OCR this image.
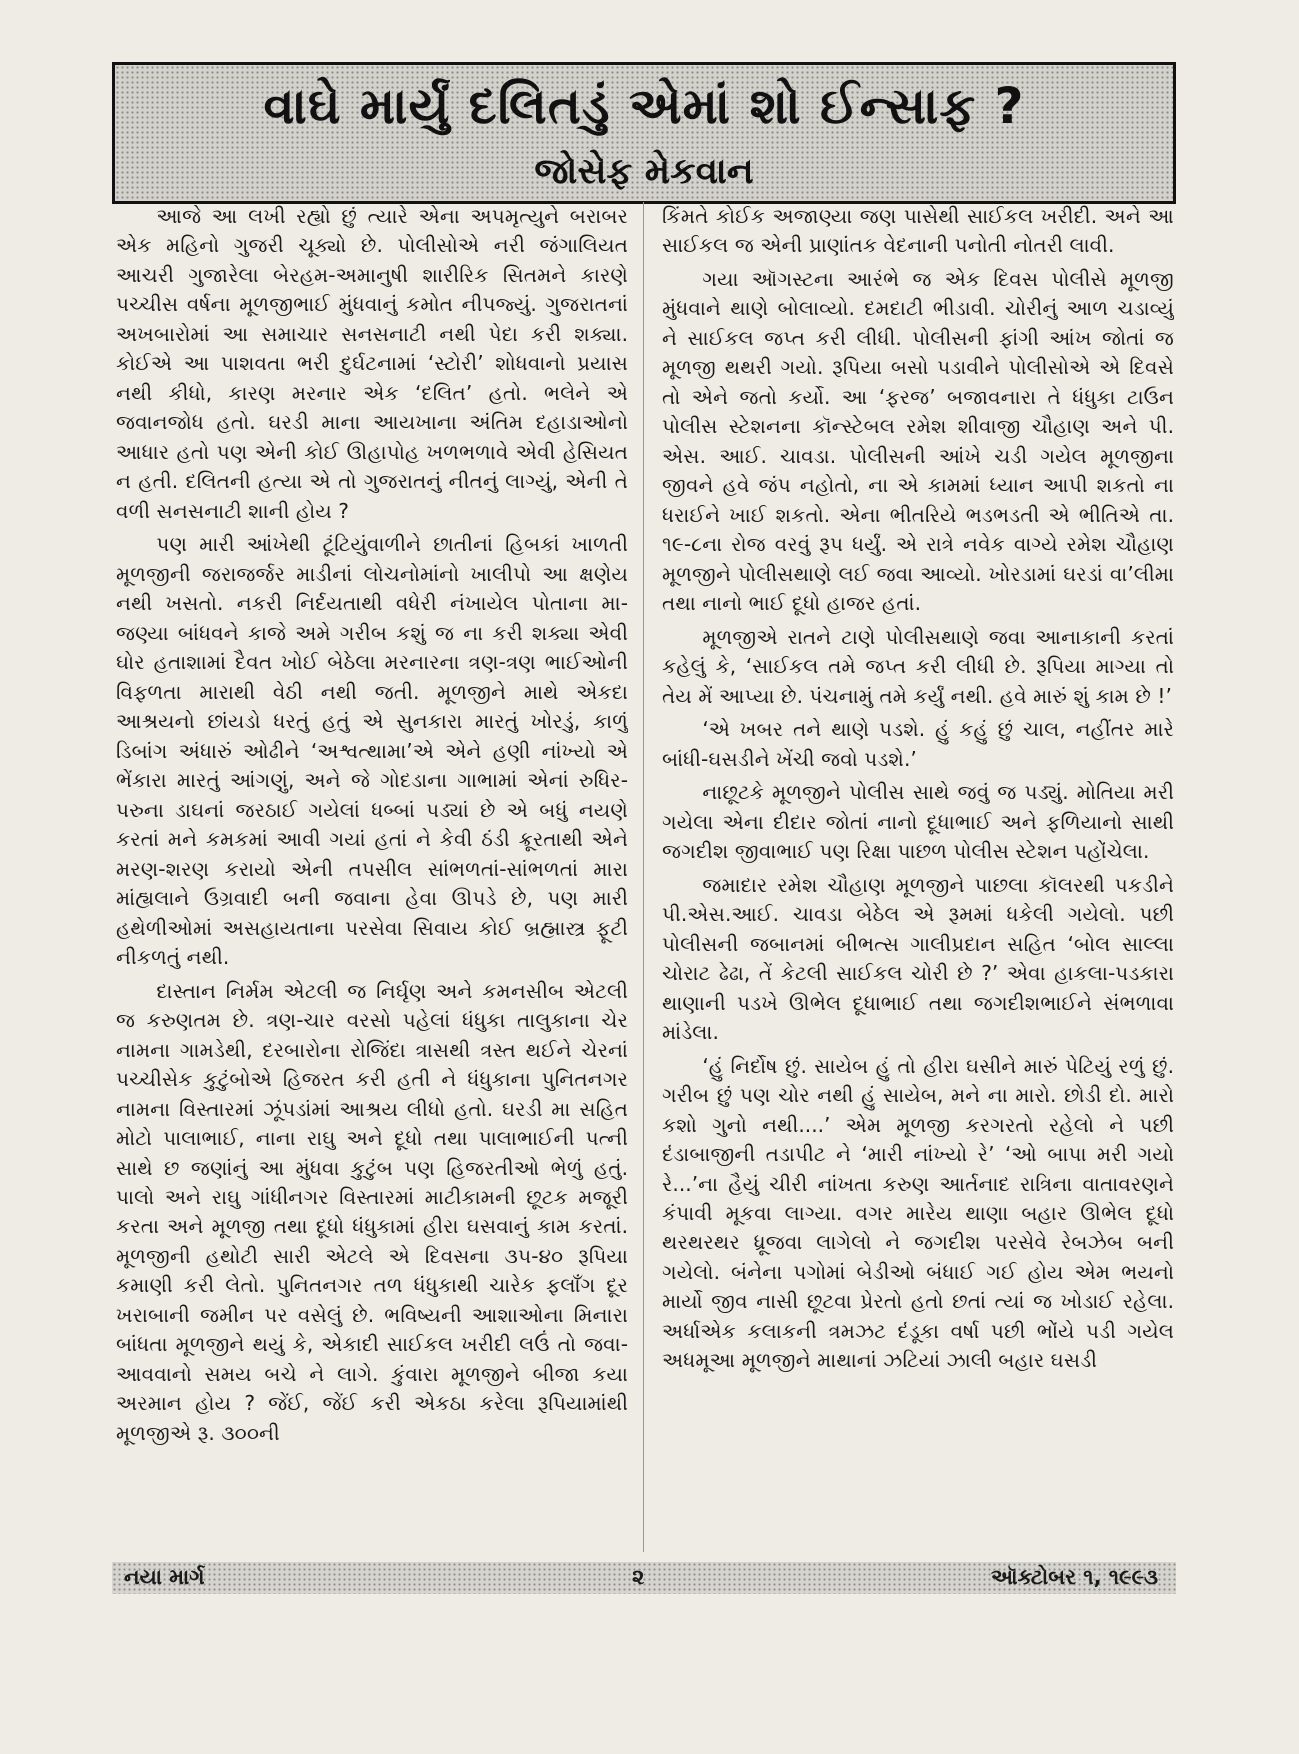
વાઘે માર્યું દલિતડું એમાં શો ઈન્સાફ ?
જોસેફ મેકવાન

આજે આ લખી રહ્યો છું ત્યારે એના અપમૃત્યુને બરાબર એક મહિનો ગુજરી ચૂક્યો છે. પોલીસોએ નરી જંગાલિયત આચરી ગુજારેલા બેરહમ-અમાનુષી શારીરિક સિતમને કારણે પચ્ચીસ વર્ષના મૂળજીભાઈ મુંધવાનું કમોત નીપજ્યું. ગુજરાતનાં અખબારોમાં આ સમાચાર સનસનાટી નથી પેદા કરી શક્યા. કોઈએ આ પાશવતા ભરી દુર્ઘટનામાં ‘સ્ટોરી’ શોધવાનો પ્રયાસ નથી કીધો, કારણ મરનાર એક ‘દલિત’ હતો. ભલેને એ જવાનજોધ હતો. ઘરડી માના આયખાના અંતિમ દહાડાઓનો આધાર હતો પણ એની કોઈ ઊહાપોહ ખળભળાવે એવી હેસિયત ન હતી. દલિતની હત્યા એ તો ગુજરાતનું નીતનું લાગ્યું, એની તે વળી સનસનાટી શાની હોય ?

પણ મારી આંખેથી ટૂંટિયુંવાળીને છાતીનાં હિબકાં ખાળતી મૂળજીની જરાજર્જર માડીનાં લોચનોમાંનો ખાલીપો આ ક્ષણેય નથી ખસતો. નકરી નિર્દયતાથી વધેરી નંખાયેલ પોતાના મા-જણ્યા બાંધવને કાજે અમે ગરીબ કશું જ ના કરી શક્યા એવી ઘોર હતાશામાં દૈવત ખોઈ બેઠેલા મરનારના ત્રણ-ત્રણ ભાઈઓની વિફળતા મારાથી વેઠી નથી જતી. મૂળજીને માથે એકદા આશ્રયનો છાંયડો ધરતું હતું એ સુનકારા મારતું ખોરડું, કાળું ડિબાંગ અંધારું ઓઢીને ‘અશ્વત્થામા’એ એને હણી નાંખ્યો એ ભેંકારા મારતું આંગણું, અને જે ગોદડાના ગાભામાં એનાં રુધિર-પરુના ડાઘનાં જરઠાઈ ગયેલાં ધબ્બાં પડ્યાં છે એ બધું નયણે કરતાં મને કમકમાં આવી ગયાં હતાં ને કેવી ઠંડી ક્રૂરતાથી એને મરણ-શરણ કરાયો એની તપસીલ સાંભળતાં-સાંભળતાં મારા માંહ્યલાને ઉગ્રવાદી બની જવાના હેવા ઊપડે છે, પણ મારી હથેળીઓમાં અસહાયતાના પરસેવા સિવાય કોઈ બ્રહ્માસ્ત્ર ફૂટી નીકળતું નથી.

દાસ્તાન નિર્મમ એટલી જ નિર્ઘૃણ અને કમનસીબ એટલી જ કરુણતમ છે. ત્રણ-ચાર વરસો પહેલાં ધંધુકા તાલુકાના ચેર નામના ગામડેથી, દરબારોના રોજિંદા ત્રાસથી ત્રસ્ત થઈને ચેરનાં પચ્ચીસેક કુટુંબોએ હિજરત કરી હતી ને ધંધુકાના પુનિતનગર નામના વિસ્તારમાં ઝૂંપડાંમાં આશ્રય લીધો હતો. ઘરડી મા સહિત મોટો પાલાભાઈ, નાના રાઘુ અને દૂધો તથા પાલાભાઈની પત્ની સાથે છ જણાંનું આ મુંધવા કુટુંબ પણ હિજરતીઓ ભેળું હતું. પાલો અને રાઘુ ગાંધીનગર વિસ્તારમાં માટીકામની છૂટક મજૂરી કરતા અને મૂળજી તથા દૂધો ધંધુકામાં હીરા ઘસવાનું કામ કરતાં. મૂળજીની હથોટી સારી એટલે એ દિવસના ૩૫-૪૦ રૂપિયા કમાણી કરી લેતો. પુનિતનગર તળ ધંધુકાથી ચારેક ફલાઁગ દૂર ખરાબાની જમીન પર વસેલું છે. ભવિષ્યની આશાઓના મિનારા બાંધતા મૂળજીને થયું કે, એકાદી સાઈકલ ખરીદી લઉં તો જવા-આવવાનો સમય બચે ને લાગે. કુંવારા મૂળજીને બીજા કયા અરમાન હોય ? જેંઈ, જેંઈ કરી એકઠા કરેલા રૂપિયામાંથી મૂળજીએ રૂ. ૩૦૦ની

કિંમતે કોઈક અજાણ્યા જણ પાસેથી સાઈકલ ખરીદી. અને આ સાઈકલ જ એની પ્રાણાંતક વેદનાની પનોતી નોતરી લાવી.

ગયા ઑગસ્ટના આરંભે જ એક દિવસ પોલીસે મૂળજી મુંધવાને થાણે બોલાવ્યો. દમદાટી ભીડાવી. ચોરીનું આળ ચડાવ્યું ને સાઈકલ જપ્ત કરી લીધી. પોલીસની ફાંગી આંખ જોતાં જ મૂળજી થથરી ગયો. રૂપિયા બસો પડાવીને પોલીસોએ એ દિવસે તો એને જતો કર્યો. આ ‘ફરજ’ બજાવનારા તે ધંધુકા ટાઉન પોલીસ સ્ટેશનના કૉન્સ્ટેબલ રમેશ શીવાજી ચૌહાણ અને પી. એસ. આઈ. ચાવડા. પોલીસની આંખે ચડી ગયેલ મૂળજીના જીવને હવે જંપ નહોતો, ના એ કામમાં ધ્યાન આપી શકતો ના ધરાઈને ખાઈ શકતો. એના ભીતરિયે ભડભડતી એ ભીતિએ તા. ૧૯-૮ના રોજ વરવું રૂપ ધર્યું. એ રાત્રે નવેક વાગ્યે રમેશ ચૌહાણ મૂળજીને પોલીસથાણે લઈ જવા આવ્યો. ખોરડામાં ઘરડાં વા’લીમા તથા નાનો ભાઈ દૂધો હાજર હતાં.

મૂળજીએ રાતને ટાણે પોલીસથાણે જવા આનાકાની કરતાં કહેલું કે, ‘સાઈકલ તમે જપ્ત કરી લીધી છે. રૂપિયા માગ્યા તો તેય મેં આપ્યા છે. પંચનામું તમે કર્યું નથી. હવે મારું શું કામ છે !’

‘એ ખબર તને થાણે પડશે. હું કહું છું ચાલ, નહીંતર મારે બાંધી-ઘસડીને ખેંચી જવો પડશે.’

નાછૂટકે મૂળજીને પોલીસ સાથે જવું જ પડ્યું. મોતિયા મરી ગયેલા એના દીદાર જોતાં નાનો દૂધાભાઈ અને ફળિયાનો સાથી જગદીશ જીવાભાઈ પણ રિક્ષા પાછળ પોલીસ સ્ટેશન પહોંચેલા.

જમાદાર રમેશ ચૌહાણ મૂળજીને પાછલા કૉલરથી પકડીને પી.એસ.આઈ. ચાવડા બેઠેલ એ રૂમમાં ધકેલી ગયેલો. પછી પોલીસની જબાનમાં બીભત્સ ગાલીપ્રદાન સહિત ‘બોલ સાલ્લા ચોરાટ ઢેઢા, તેં કેટલી સાઈકલ ચોરી છે ?’ એવા હાકલા-પડકારા થાણાની પડખે ઊભેલ દૂધાભાઈ તથા જગદીશભાઈને સંભળાવા માંડેલા.

‘હું નિર્દોષ છું. સાયેબ હું તો હીરા ઘસીને મારું પેટિયું રળું છું. ગરીબ છું પણ ચોર નથી હું સાયેબ, મને ના મારો. છોડી દો. મારો કશો ગુનો નથી....’ એમ મૂળજી કરગરતો રહેલો ને પછી દંડાબાજીની તડાપીટ ને ‘મારી નાંખ્યો રે’ ‘ઓ બાપા મરી ગયો રે...’ના હૈયું ચીરી નાંખતા કરુણ આર્તનાદ રાત્રિના વાતાવરણને કંપાવી મૂકવા લાગ્યા. વગર મારેય થાણા બહાર ઊભેલ દૂધો થરથરથર ધ્રૂજવા લાગેલો ને જગદીશ પરસેવે રેબઝેબ બની ગયેલો. બંનેના પગોમાં બેડીઓ બંધાઈ ગઈ હોય એમ ભયનો માર્યો જીવ નાસી છૂટવા પ્રેરતો હતો છતાં ત્યાં જ ખોડાઈ રહેલા. અર્ધાએક કલાકની ત્રમઝટ દંડૂકા વર્ષા પછી ભોંયે પડી ગયેલ અધમૂઆ મૂળજીને માથાનાં ઝટિયાં ઝાલી બહાર ઘસડી

નયા માર્ગ	૨	ઑક્ટોબર ૧, ૧૯૯૩
